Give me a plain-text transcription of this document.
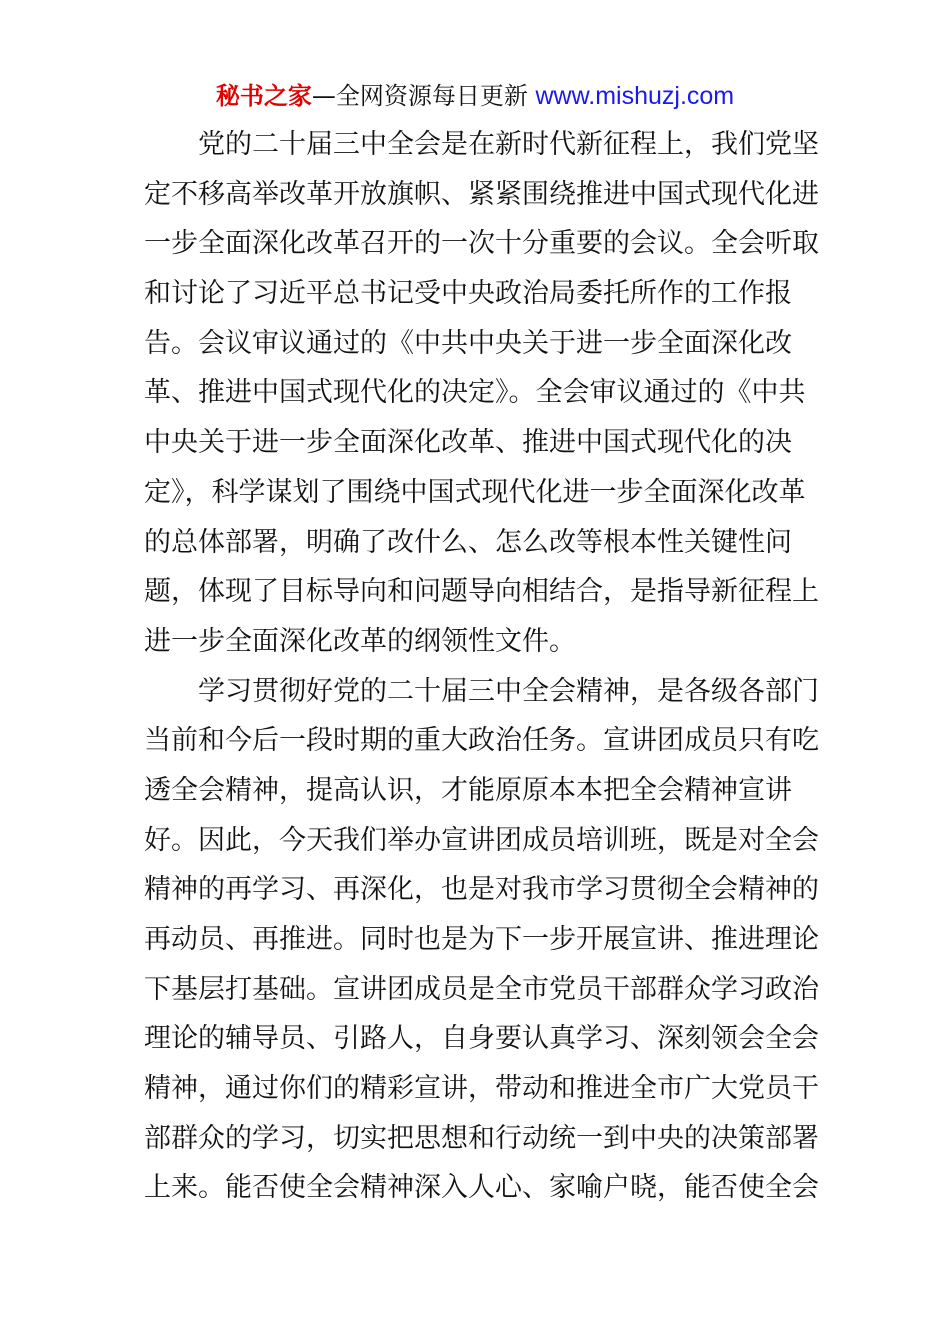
秘书之家—全网资源每日更新 www.mishuzj.com
　　党的二十届三中全会是在新时代新征程上，我们党坚
定不移高举改革开放旗帜、紧紧围绕推进中国式现代化进
一步全面深化改革召开的一次十分重要的会议。全会听取
和讨论了习近平总书记受中央政治局委托所作的工作报
告。会议审议通过的《中共中央关于进一步全面深化改
革、推进中国式现代化的决定》。全会审议通过的《中共
中央关于进一步全面深化改革、推进中国式现代化的决
定》，科学谋划了围绕中国式现代化进一步全面深化改革
的总体部署，明确了改什么、怎么改等根本性关键性问
题，体现了目标导向和问题导向相结合，是指导新征程上
进一步全面深化改革的纲领性文件。
　　学习贯彻好党的二十届三中全会精神，是各级各部门
当前和今后一段时期的重大政治任务。宣讲团成员只有吃
透全会精神，提高认识，才能原原本本把全会精神宣讲
好。因此，今天我们举办宣讲团成员培训班，既是对全会
精神的再学习、再深化，也是对我市学习贯彻全会精神的
再动员、再推进。同时也是为下一步开展宣讲、推进理论
下基层打基础。宣讲团成员是全市党员干部群众学习政治
理论的辅导员、引路人，自身要认真学习、深刻领会全会
精神，通过你们的精彩宣讲，带动和推进全市广大党员干
部群众的学习，切实把思想和行动统一到中央的决策部署
上来。能否使全会精神深入人心、家喻户晓，能否使全会
